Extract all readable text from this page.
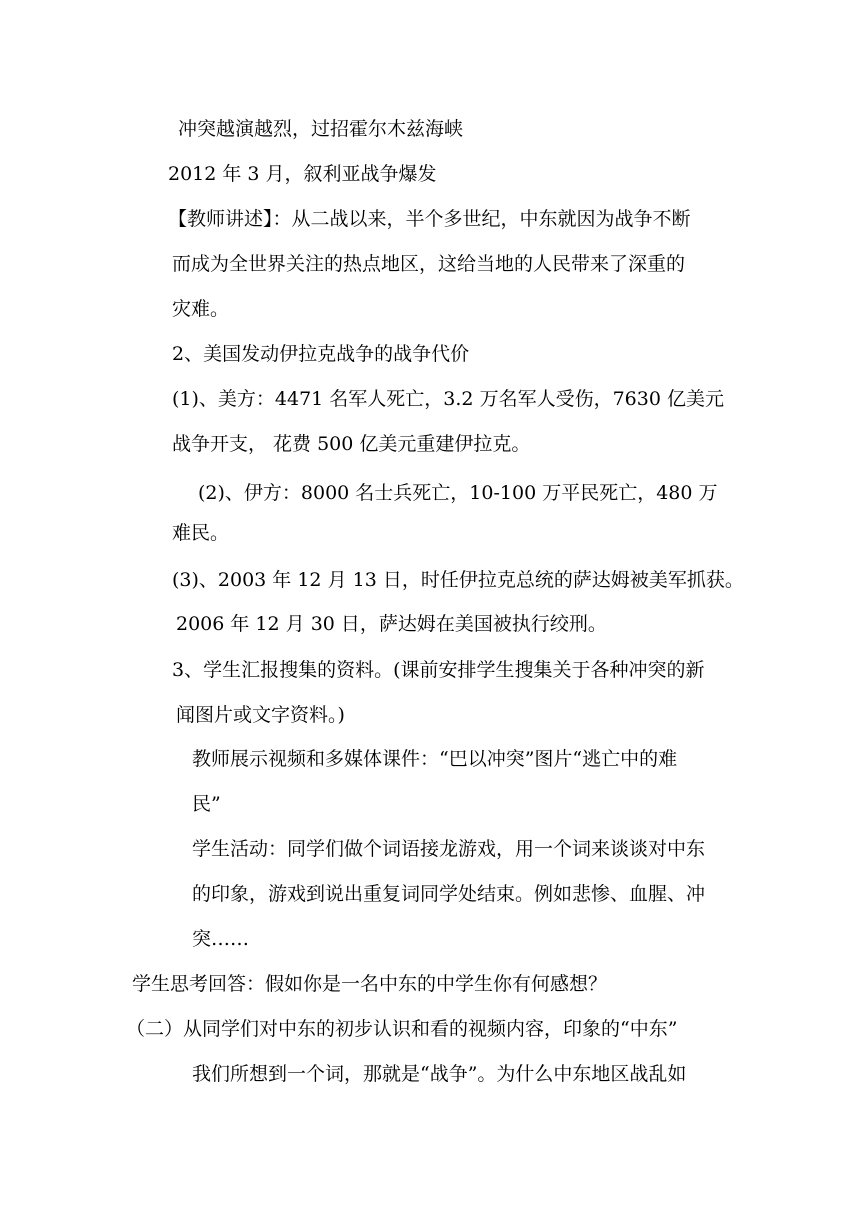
冲突越演越烈，过招霍尔木兹海峡
2012 年 3 月，叙利亚战争爆发
【教师讲述】：从二战以来，半个多世纪，中东就因为战争不断
而成为全世界关注的热点地区，这给当地的人民带来了深重的
灾难。
2、美国发动伊拉克战争的战争代价
(1)、美方：4471 名军人死亡，3.2 万名军人受伤，7630 亿美元
战争开支， 花费 500 亿美元重建伊拉克。
(2)、伊方：8000 名士兵死亡，10-100 万平民死亡，480 万
难民。
(3)、2003 年 12 月 13 日，时任伊拉克总统的萨达姆被美军抓获。
2006 年 12 月 30 日，萨达姆在美国被执行绞刑。
3、学生汇报搜集的资料。(课前安排学生搜集关于各种冲突的新
闻图片或文字资料。)
教师展示视频和多媒体课件：“巴以冲突”图片“逃亡中的难
民”
学生活动：同学们做个词语接龙游戏，用一个词来谈谈对中东
的印象，游戏到说出重复词同学处结束。例如悲惨、血腥、冲
突……
学生思考回答：假如你是一名中东的中学生你有何感想？
（二）从同学们对中东的初步认识和看的视频内容，印象的“中东”
我们所想到一个词，那就是“战争”。为什么中东地区战乱如
